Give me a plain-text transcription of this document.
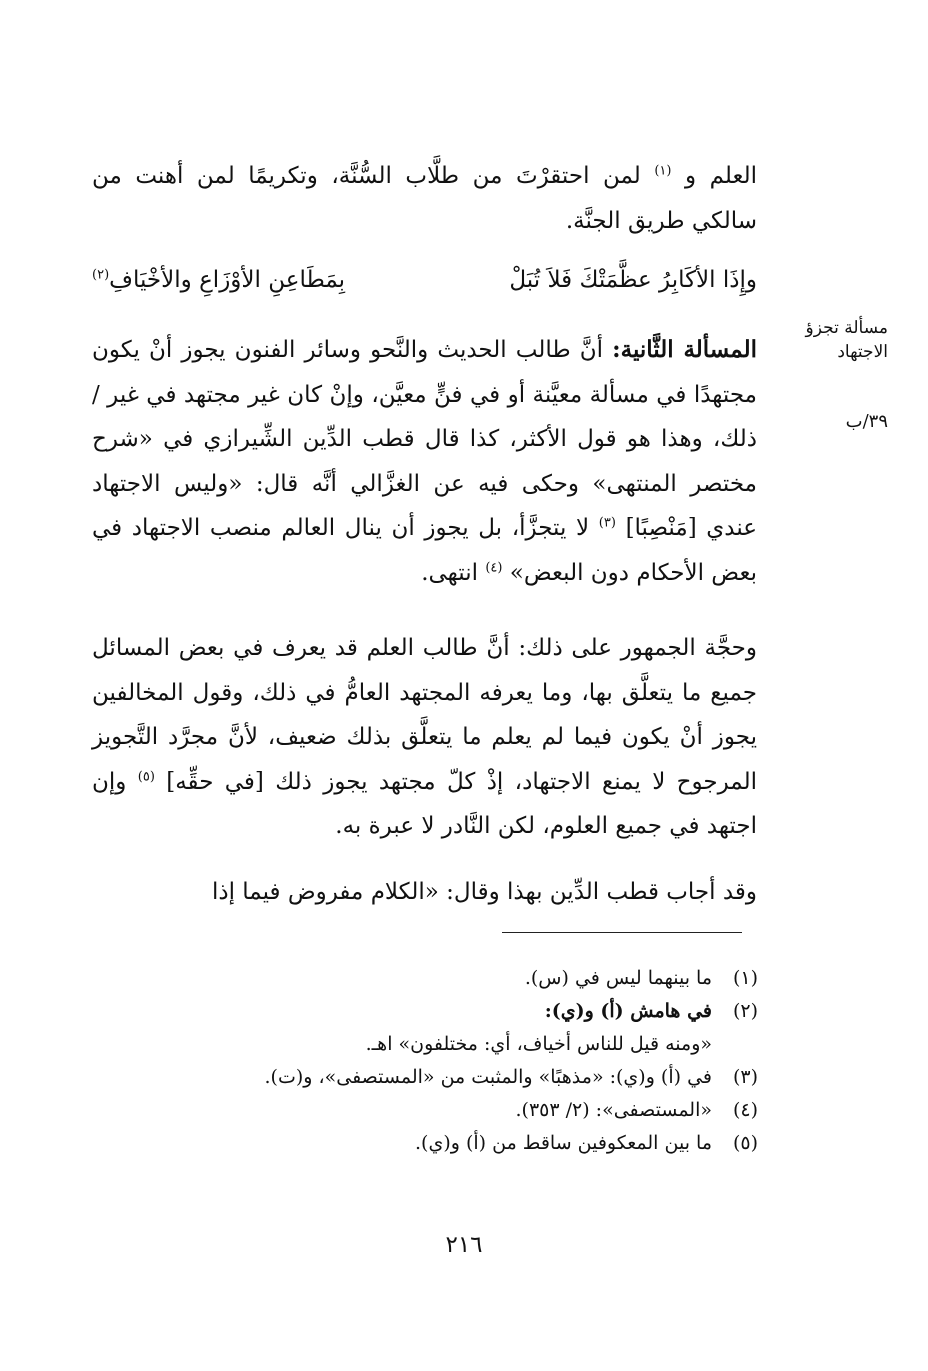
العلم و $^{(١)}$ لمن احتقرْتَ من طلَّاب السُّنَّة، وتكريمًا لمن أهنت من سالكي طريق الجنَّة.
وإِذَا الأكَابِرُ عظَّمَتْكَ فَلاَ تُبَلْ
بِمَطَاعِنِ الأوْزَاعِ والأخْيَافِ$^{(٢)}$
المسألة الثَّانية: أنَّ طالب الحديث والنَّحو وسائر الفنون يجوز أنْ يكون مجتهدًا في مسألة معيَّنة أو في فنٍّ معيَّن، وإنْ كان غير مجتهد في غير / ذلك، وهذا هو قول الأكثر، كذا قال قطب الدِّين الشِّيرازي في «شرح مختصر المنتهى» وحكى فيه عن الغزَّالي أنَّه قال: «وليس الاجتهاد عندي [مَنْصِبًا] $^{(٣)}$ لا يتجزَّأ، بل يجوز أن ينال العالم منصب الاجتهاد في بعض الأحكام دون البعض» $^{(٤)}$ انتهى.
وحجَّة الجمهور على ذلك: أنَّ طالب العلم قد يعرف في بعض المسائل جميع ما يتعلَّق بها، وما يعرفه المجتهد العامُّ في ذلك، وقول المخالفين يجوز أنْ يكون فيما لم يعلم ما يتعلَّق بذلك ضعيف، لأنَّ مجرَّد التَّجويز المرجوح لا يمنع الاجتهاد، إذْ كلّ مجتهد يجوز ذلك [في حقِّه] $^{(٥)}$ وإن اجتهد في جميع العلوم، لكن النَّادر لا عبرة به.
وقد أجاب قطب الدِّين بهذا وقال: «الكلام مفروض فيما إذا
مسألة تجزؤ الاجتهاد
٣٩/ب
(١)
ما بينهما ليس في (س).
(٢)
في هامش (أ) و(ي):
«ومنه قيل للناس أخياف، أي: مختلفون» اهـ.
(٣)
في (أ) و(ي): «مذهبًا» والمثبت من «المستصفى»، و(ت).
(٤)
«المستصفى»: (٢/ ٣٥٣).
(٥)
ما بين المعكوفين ساقط من (أ) و(ي).
٢١٦
